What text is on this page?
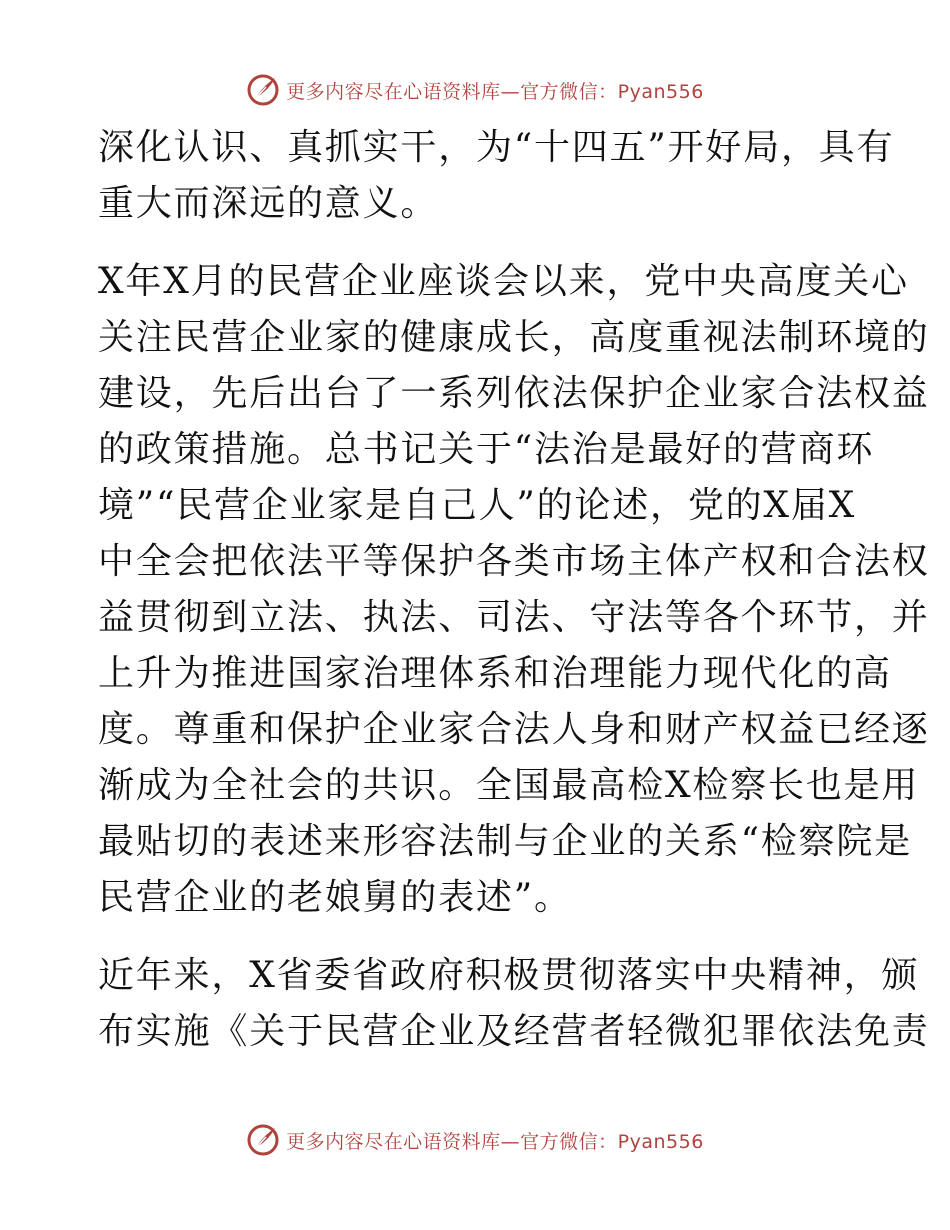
更多内容尽在心语资料库—官方微信：Pyan556
深化认识、真抓实干，为“十四五”开好局，具有
重大而深远的意义。
X年X月的民营企业座谈会以来，党中央高度关心
关注民营企业家的健康成长，高度重视法制环境的
建设，先后出台了一系列依法保护企业家合法权益
的政策措施。总书记关于“法治是最好的营商环
境”“民营企业家是自己人”的论述，党的X届X
中全会把依法平等保护各类市场主体产权和合法权
益贯彻到立法、执法、司法、守法等各个环节，并
上升为推进国家治理体系和治理能力现代化的高
度。尊重和保护企业家合法人身和财产权益已经逐
渐成为全社会的共识。全国最高检X检察长也是用
最贴切的表述来形容法制与企业的关系“检察院是
民营企业的老娘舅的表述”。
近年来，X省委省政府积极贯彻落实中央精神，颁
布实施《关于民营企业及经营者轻微犯罪依法免责
更多内容尽在心语资料库—官方微信：Pyan556
